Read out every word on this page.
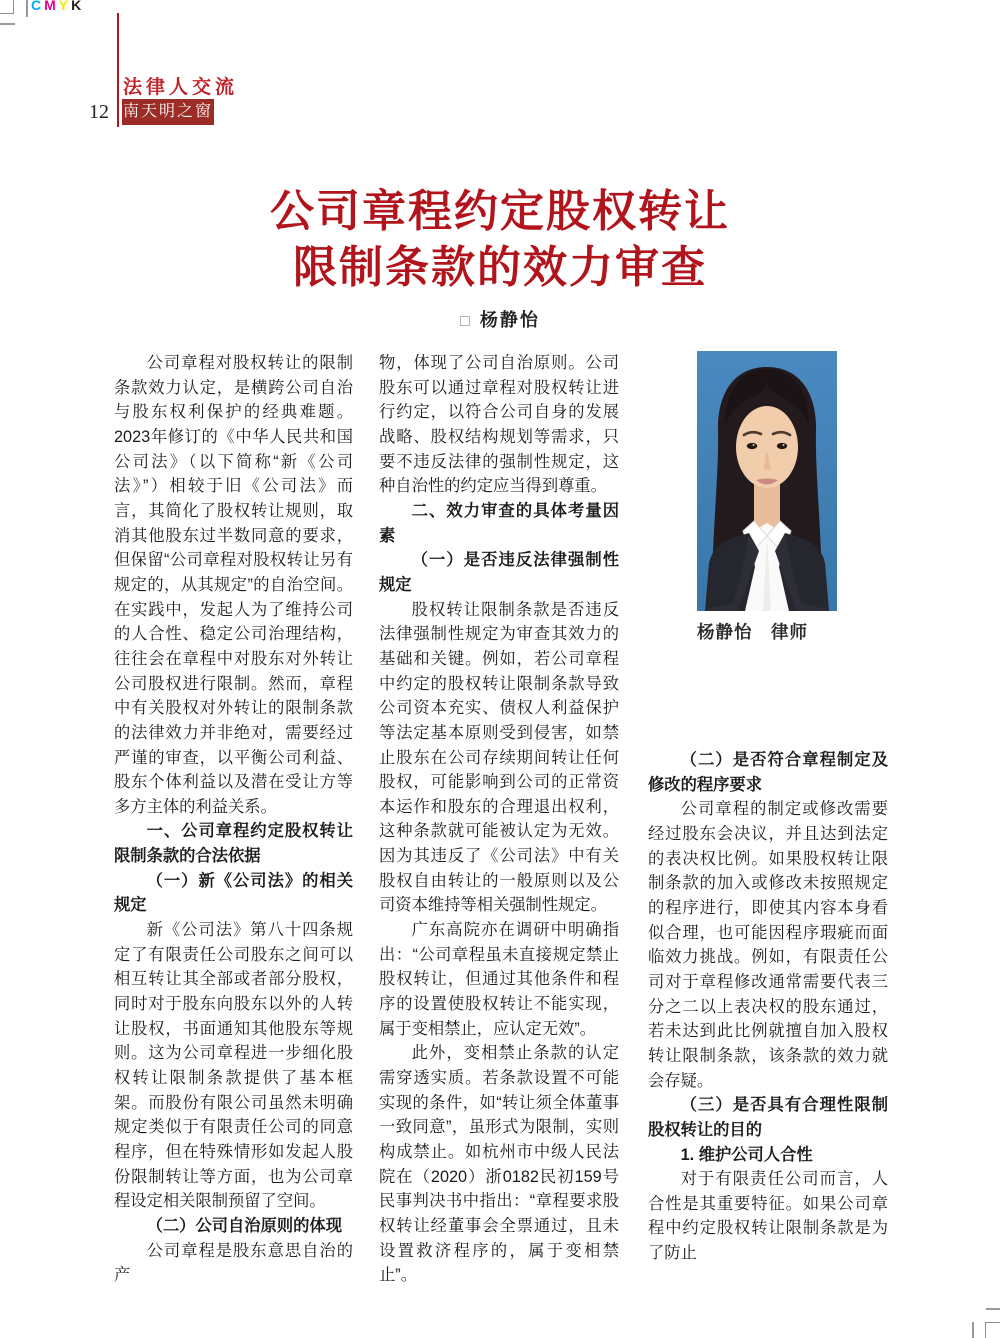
CMYK
法律人交流
12 南天明之窗
公司章程约定股权转让
限制条款的效力审查
□ 杨静怡

公司章程对股权转让的限制条款效力认定，是横跨公司自治与股东权利保护的经典难题。2023年修订的《中华人民共和国公司法》（以下简称“新《公司法》”）相较于旧《公司法》而言，其简化了股权转让规则，取消其他股东过半数同意的要求，但保留“公司章程对股权转让另有规定的，从其规定”的自治空间。在实践中，发起人为了维持公司的人合性、稳定公司治理结构，往往会在章程中对股东对外转让公司股权进行限制。然而，章程中有关股权对外转让的限制条款的法律效力并非绝对，需要经过严谨的审查，以平衡公司利益、股东个体利益以及潜在受让方等多方主体的利益关系。

一、公司章程约定股权转让限制条款的合法依据

（一）新《公司法》的相关规定

新《公司法》第八十四条规定了有限责任公司股东之间可以相互转让其全部或者部分股权，同时对于股东向股东以外的人转让股权，书面通知其他股东等规则。这为公司章程进一步细化股权转让限制条款提供了基本框架。而股份有限公司虽然未明确规定类似于有限责任公司的同意程序，但在特殊情形如发起人股份限制转让等方面，也为公司章程设定相关限制预留了空间。

（二）公司自治原则的体现

公司章程是股东意思自治的产

物，体现了公司自治原则。公司股东可以通过章程对股权转让进行约定，以符合公司自身的发展战略、股权结构规划等需求，只要不违反法律的强制性规定，这种自治性的约定应当得到尊重。

二、效力审查的具体考量因素

（一）是否违反法律强制性规定

股权转让限制条款是否违反法律强制性规定为审查其效力的基础和关键。例如，若公司章程中约定的股权转让限制条款导致公司资本充实、债权人利益保护等法定基本原则受到侵害，如禁止股东在公司存续期间转让任何股权，可能影响到公司的正常资本运作和股东的合理退出权利，这种条款就可能被认定为无效。因为其违反了《公司法》中有关股权自由转让的一般原则以及公司资本维持等相关强制性规定。

广东高院亦在调研中明确指出：“公司章程虽未直接规定禁止股权转让，但通过其他条件和程序的设置使股权转让不能实现，属于变相禁止，应认定无效”。

此外，变相禁止条款的认定需穿透实质。若条款设置不可能实现的条件，如“转让须全体董事一致同意”，虽形式为限制，实则构成禁止。如杭州市中级人民法院在（2020）浙0182民初159号民事判决书中指出：“章程要求股权转让经董事会全票通过，且未设置救济程序的，属于变相禁止”。

杨静怡　律师

（二）是否符合章程制定及修改的程序要求

公司章程的制定或修改需要经过股东会决议，并且达到法定的表决权比例。如果股权转让限制条款的加入或修改未按照规定的程序进行，即使其内容本身看似合理，也可能因程序瑕疵而面临效力挑战。例如，有限责任公司对于章程修改通常需要代表三分之二以上表决权的股东通过，若未达到此比例就擅自加入股权转让限制条款，该条款的效力就会存疑。

（三）是否具有合理性限制股权转让的目的

1. 维护公司人合性

对于有限责任公司而言，人合性是其重要特征。如果公司章程中约定股权转让限制条款是为了防止
